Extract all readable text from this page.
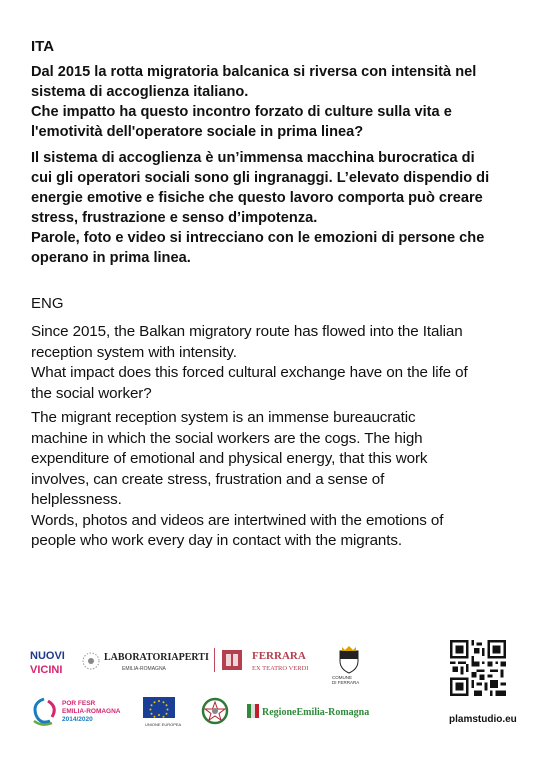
ITA
Dal 2015 la rotta migratoria balcanica si riversa con intensità nel
sistema di accoglienza italiano.
Che impatto ha questo incontro forzato di culture sulla vita e
l'emotività dell'operatore sociale in prima linea?
Il sistema di accoglienza è un’immensa macchina burocratica di
cui gli operatori sociali sono gli ingranaggi. L’elevato dispendio di
energie emotive e fisiche che questo lavoro comporta può creare
stress, frustrazione e senso d’impotenza.
Parole, foto e video si intrecciano con le emozioni di persone che
operano in prima linea.
ENG
Since 2015, the Balkan migratory route has flowed into the Italian
reception system with intensity.
What impact does this forced cultural exchange have on the life of
the social worker?
The migrant reception system is an immense bureaucratic
machine in which the social workers are the cogs. The high
expenditure of emotional and physical energy, that this work
involves, can create stress, frustration and a sense of
helplessness.
Words, photos and videos are intertwined with the emotions of
people who work every day in contact with the migrants.
NUOVI
VICINI
LABORATORIAPERTI
EMILIA-ROMAGNA
FERRARA
EX TEATRO VERDI
COMUNE
DI FERRARA
POR FESR
EMILIA-ROMAGNA
2014/2020
UNIONE EUROPEA
RegioneEmilia-Romagna
plamstudio.eu
